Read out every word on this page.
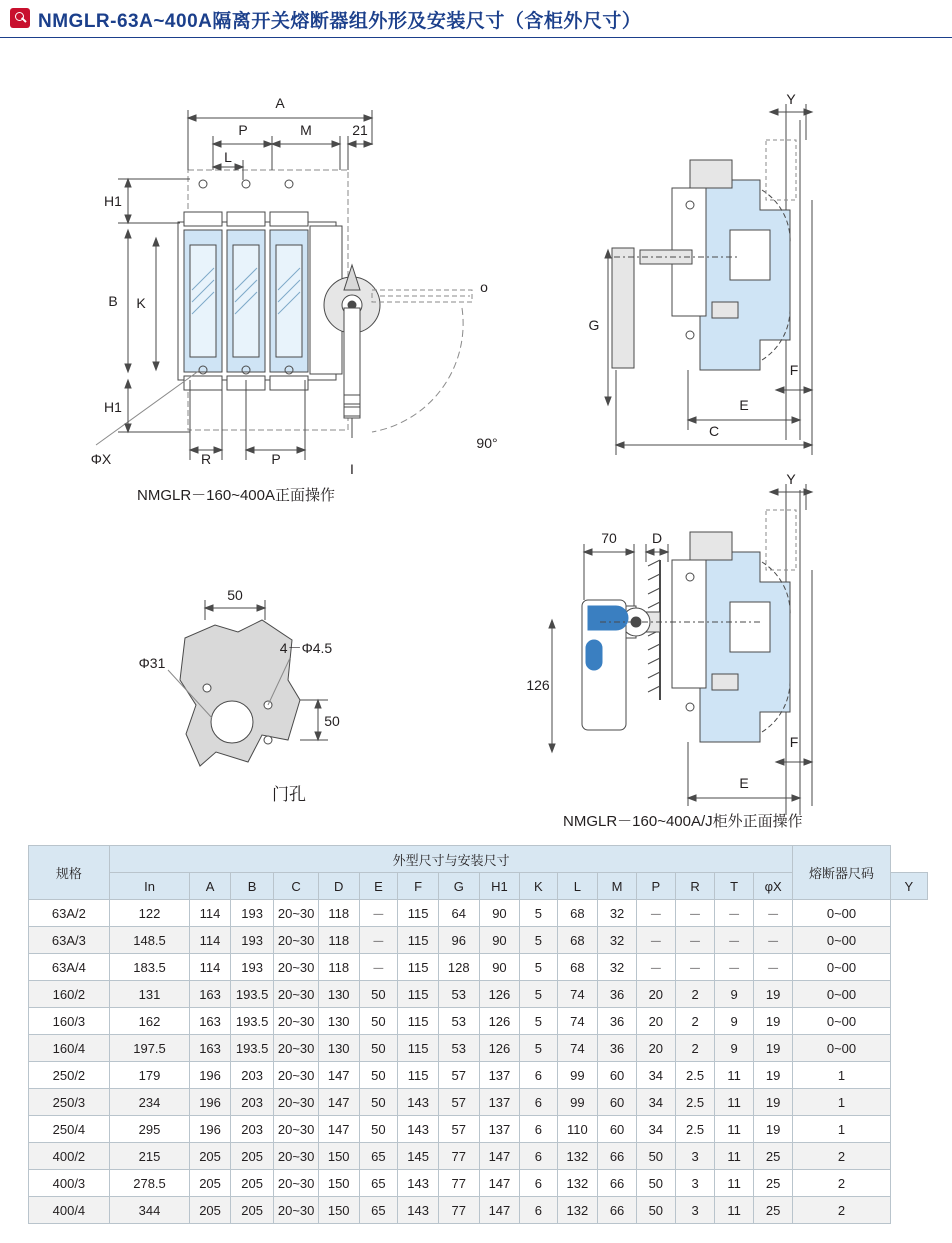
NMGLR-63A~400A隔离开关熔断器组外形及安装尺寸（含柜外尺寸）
A
P	M	21
L
H1
B K
H1
R	P
ΦX
o
I
90°
Y
G
F
E
C
Y
70	D
126
F
E
50
50
Φ31
4－Φ4.5
NMGLR－160~400A正面操作
门孔
NMGLR－160~400A/J柜外正面操作
规格	外型尺寸与安装尺寸																熔断器尺码	
	In	A	B	C	D	E	F	G	H1	K	L	M	P	R	T	φX		Y
63A/2	122	114	193	20~30	118	－	115	64	90	5	68	32	－	－	－	－	0~00	
63A/3	148.5	114	193	20~30	118	－	115	96	90	5	68	32	－	－	－	－	0~00	
63A/4	183.5	114	193	20~30	118	－	115	128	90	5	68	32	－	－	－	－	0~00	
160/2	131	163	193.5	20~30	130	50	115	53	126	5	74	36	20	2	9	19	0~00	
160/3	162	163	193.5	20~30	130	50	115	53	126	5	74	36	20	2	9	19	0~00	
160/4	197.5	163	193.5	20~30	130	50	115	53	126	5	74	36	20	2	9	19	0~00	
250/2	179	196	203	20~30	147	50	115	57	137	6	99	60	34	2.5	11	19	1	
250/3	234	196	203	20~30	147	50	143	57	137	6	99	60	34	2.5	11	19	1	
250/4	295	196	203	20~30	147	50	143	57	137	6	110	60	34	2.5	11	19	1	
400/2	215	205	205	20~30	150	65	145	77	147	6	132	66	50	3	11	25	2	
400/3	278.5	205	205	20~30	150	65	143	77	147	6	132	66	50	3	11	25	2	
400/4	344	205	205	20~30	150	65	143	77	147	6	132	66	50	3	11	25	2	
